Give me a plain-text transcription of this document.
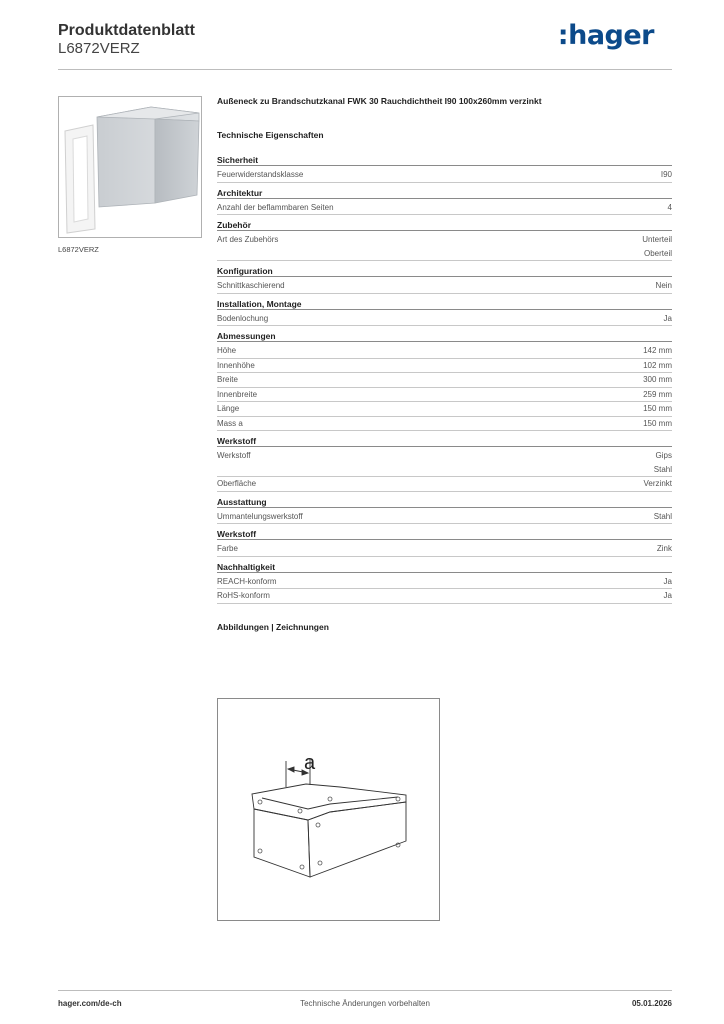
Produktdatenblatt
L6872VERZ	:hager
L6872VERZ
Außeneck zu Brandschutzkanal FWK 30 Rauchdichtheit I90 100x260mm verzinkt
Technische Eigenschaften
Sicherheit
Feuerwiderstandsklasse	I90
Architektur
Anzahl der beflammbaren Seiten	4
Zubehör
Art des Zubehörs	Unterteil
Oberteil
Konfiguration
Schnittkaschierend	Nein
Installation, Montage
Bodenlochung	Ja
Abmessungen
Höhe	142 mm
Innenhöhe	102 mm
Breite	300 mm
Innenbreite	259 mm
Länge	150 mm
Mass a	150 mm
Werkstoff
Werkstoff	Gips
Stahl
Oberfläche	Verzinkt
Ausstattung
Ummantelungswerkstoff	Stahl
Werkstoff
Farbe	Zink
Nachhaltigkeit
REACH-konform	Ja
RoHS-konform	Ja
Abbildungen | Zeichnungen
a
hager.com/de-ch	Technische Änderungen vorbehalten	05.01.2026
